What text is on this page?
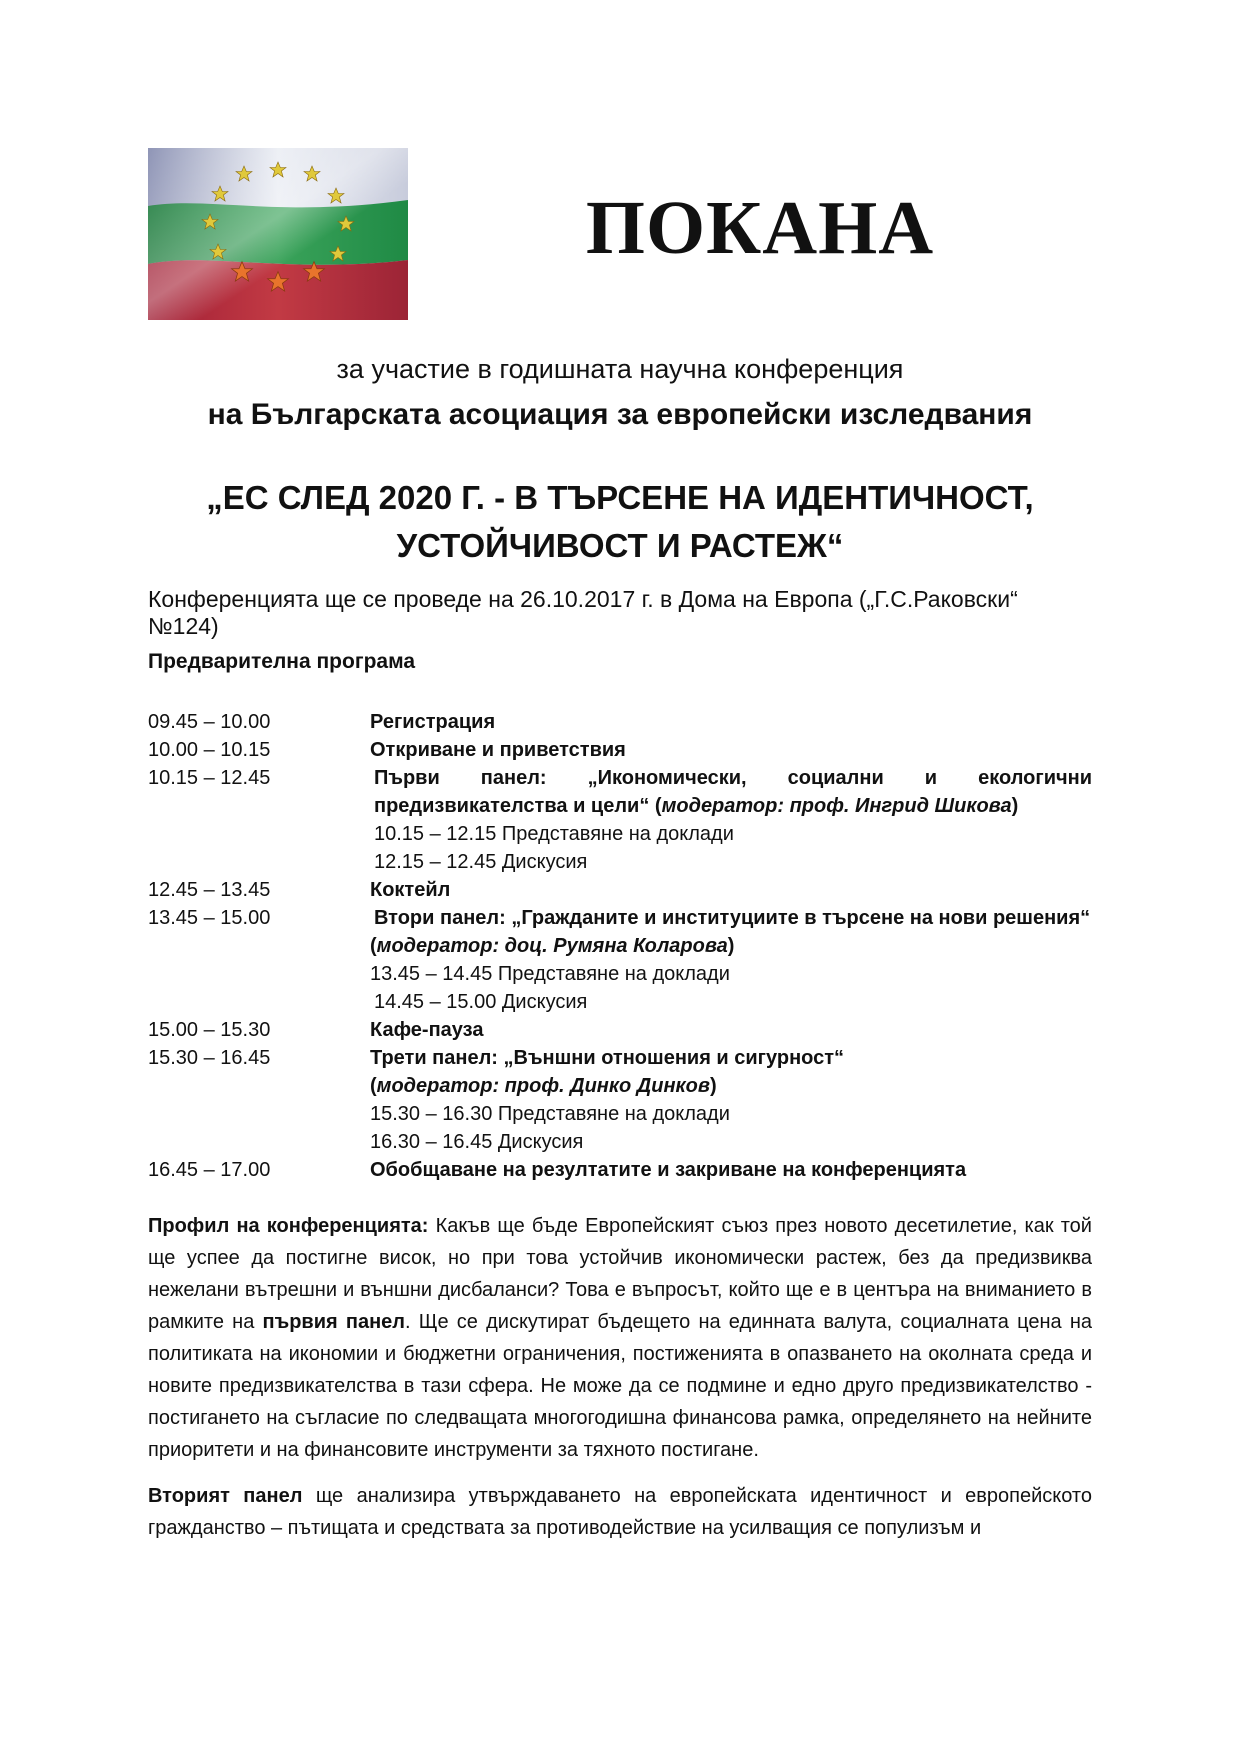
ПОКАНА
за участие в годишната научна конференция
на Българската асоциация за европейски изследвания
„ЕС СЛЕД 2020 Г. - В ТЪРСЕНЕ НА ИДЕНТИЧНОСТ,
УСТОЙЧИВОСТ И РАСТЕЖ“
Конференцията ще се проведе на 26.10.2017 г. в Дома на Европа („Г.С.Раковски“ №124)
Предварителна програма
09.45 – 10.00	Регистрация
10.00 – 10.15	Откриване и приветствия
10.15 – 12.45	Първи панел: „Икономически, социални и екологични
предизвикателства и цели“ (модератор: проф. Ингрид Шикова)
10.15 – 12.15 Представяне на доклади
12.15 – 12.45 Дискусия
12.45 – 13.45	Коктейл
13.45 – 15.00	Втори панел: „Гражданите и институциите в търсене на нови решения“
(модератор: доц. Румяна Коларова)
13.45 – 14.45 Представяне на доклади
14.45 – 15.00 Дискусия
15.00 – 15.30	Кафе-пауза
15.30 – 16.45	Трети панел: „Външни отношения и сигурност“
(модератор: проф. Динко Динков)
15.30 – 16.30 Представяне на доклади
16.30 – 16.45 Дискусия
16.45 – 17.00	Обобщаване на резултатите и закриване на конференцията

Профил на конференцията: Какъв ще бъде Европейският съюз през новото десетилетие, как той ще успее да постигне висок, но при това устойчив икономически растеж, без да предизвиква нежелани вътрешни и външни дисбаланси? Това е въпросът, който ще е в центъра на вниманието в рамките на първия панел. Ще се дискутират бъдещето на единната валута, социалната цена на политиката на икономии и бюджетни ограничения, постиженията в опазването на околната среда и новите предизвикателства в тази сфера. Не може да се подмине и едно друго предизвикателство - постигането на съгласие по следващата многогодишна финансова рамка, определянето на нейните приоритети и на финансовите инструменти за тяхното постигане.

Вторият панел ще анализира утвърждаването на европейската идентичност и европейското гражданство – пътищата и средствата за противодействие на усилващия се популизъм и
